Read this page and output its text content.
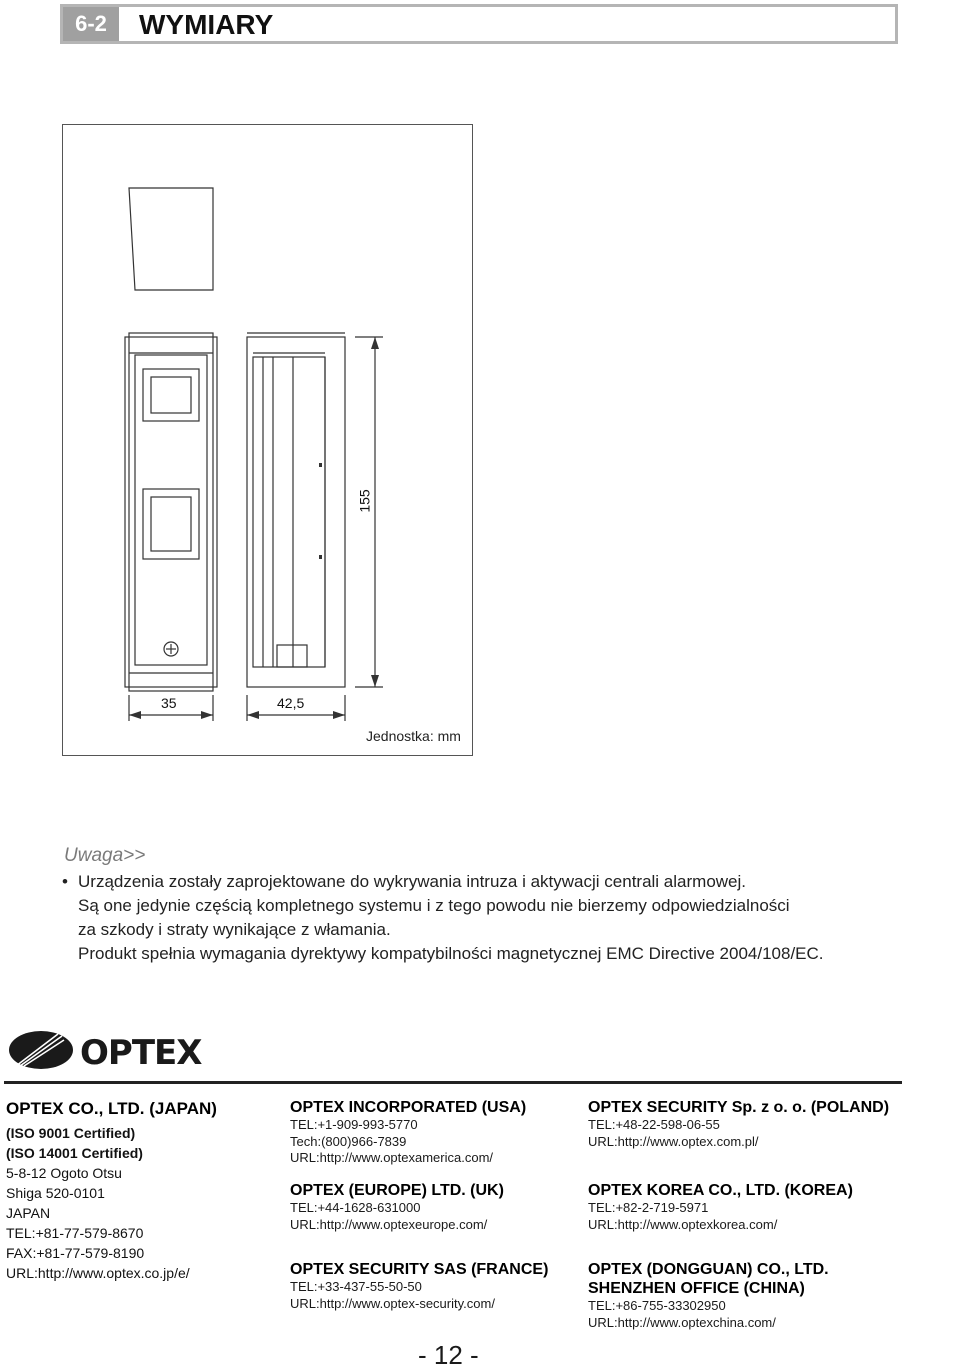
6-2	WYMIARY
155
35	42,5
Jednostka: mm
Uwaga>>
• Urządzenia zostały zaprojektowane do wykrywania intruza i aktywacji centrali alarmowej.

Są one jedynie częścią kompletnego systemu i z tego powodu nie bierzemy odpowiedzialności

za szkody i straty wynikające z włamania.

Produkt spełnia wymagania dyrektywy kompatybilności magnetycznej EMC Directive 2004/108/EC.

OPTEX
OPTEX CO., LTD. (JAPAN)
(ISO 9001 Certified)
(ISO 14001 Certified)
5-8-12 Ogoto Otsu
Shiga 520-0101
JAPAN
TEL:+81-77-579-8670
FAX:+81-77-579-8190
URL:http://www.optex.co.jp/e/
OPTEX INCORPORATED (USA)
TEL:+1-909-993-5770
Tech:(800)966-7839
URL:http://www.optexamerica.com/
OPTEX (EUROPE) LTD. (UK)
TEL:+44-1628-631000
URL:http://www.optexeurope.com/
OPTEX SECURITY SAS (FRANCE)
TEL:+33-437-55-50-50
URL:http://www.optex-security.com/
OPTEX SECURITY Sp. z o. o. (POLAND)
TEL:+48-22-598-06-55
URL:http://www.optex.com.pl/
OPTEX KOREA CO., LTD. (KOREA)
TEL:+82-2-719-5971
URL:http://www.optexkorea.com/
OPTEX (DONGGUAN) CO., LTD.
SHENZHEN OFFICE (CHINA)
TEL:+86-755-33302950
URL:http://www.optexchina.com/
- 12 -
